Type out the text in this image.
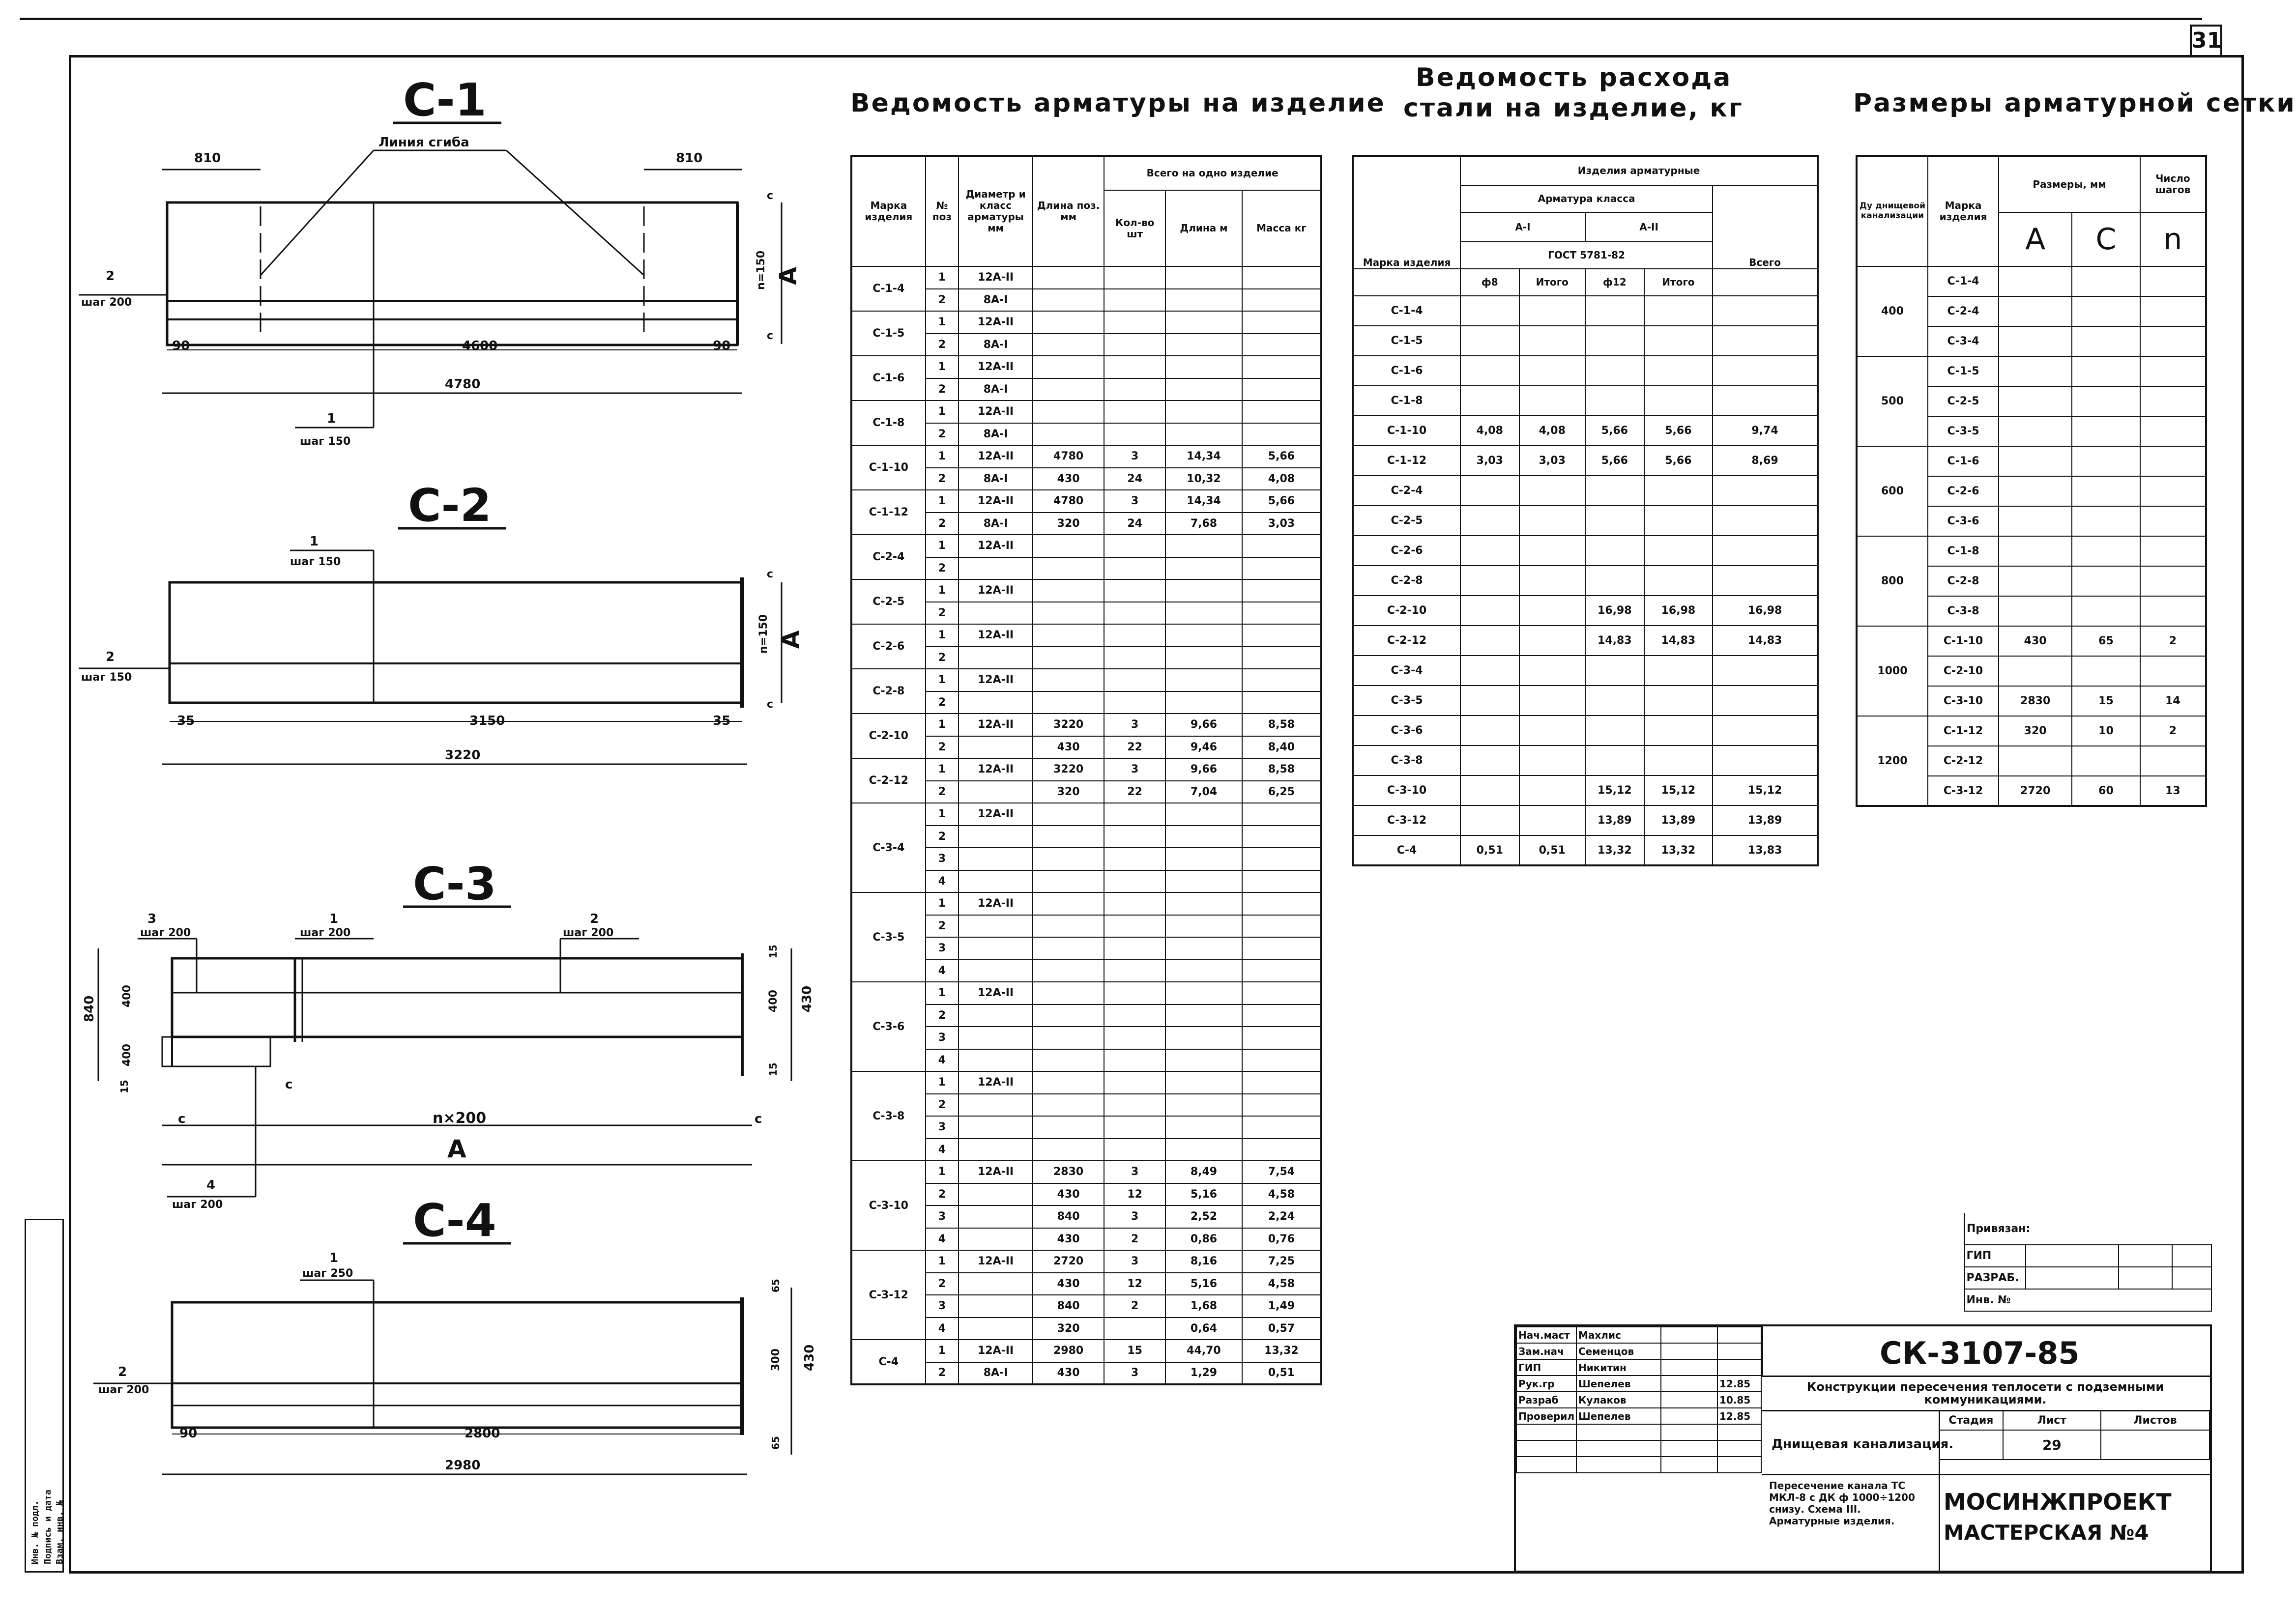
31
Инв. № подл. Подпись и дата Взам. инв. №
С-1
Линия сгиба
810	810
2
шаг 200
90	4600	90
4780
1
шаг 150
А
n=150
с
с
С-2
1
шаг 150
2
шаг 150
35	3150	35
3220
А
n=150
с
с
С-3
3
шаг 200
1
шаг 200
2
шаг 200
840 400
400
15
15
400 430
15
с
с
с
n×200
А
4
шаг 200	С-4
1
шаг 250
2
шаг 200
90	2800
2980
65
300 430
65
Ведомость арматуры на изделие
Марка изделия	№ поз	Диаметр и класс арматуры мм	Длина поз. мм	Всего на одно изделие		
				Кол-во шт	Длина м	Масса кг
С-1-4	1	12А-II				
	2	8А-I				
С-1-5	1	12А-II				
	2	8А-I				
С-1-6	1	12А-II				
	2	8А-I				
С-1-8	1	12А-II				
	2	8А-I				
С-1-10	1	12А-II	4780	3	14,34	5,66
	2	8А-I	430	24	10,32	4,08
С-1-12	1	12А-II	4780	3	14,34	5,66
	2	8А-I	320	24	7,68	3,03
С-2-4	1	12А-II				
	2					
С-2-5	1	12А-II				
	2					
С-2-6	1	12А-II				
	2					
С-2-8	1	12А-II				
	2					
С-2-10	1	12А-II	3220	3	9,66	8,58
	2		430	22	9,46	8,40
С-2-12	1	12А-II	3220	3	9,66	8,58
	2		320	22	7,04	6,25
С-3-4	1	12А-II				
	2					
	3					
	4					
С-3-5	1	12А-II				
	2					
	3					
	4					
С-3-6	1	12А-II				
	2					
	3					
	4					
С-3-8	1	12А-II				
	2					
	3					
	4					
С-3-10	1	12А-II	2830	3	8,49	7,54
	2		430	12	5,16	4,58
	3		840	3	2,52	2,24
	4		430	2	0,86	0,76
С-3-12	1	12А-II	2720	3	8,16	7,25
	2		430	12	5,16	4,58
	3		840	2	1,68	1,49
	4		320		0,64	0,57
С-4	1	12А-II	2980	15	44,70	13,32
	2	8А-I	430	3	1,29	0,51
Ведомость расхода
стали на изделие, кг
Марка изделия	Изделия арматурные				
	Арматура класса				Всего
	А-I		А-II		
	ГОСТ 5781-82				
	ф8	Итого	ф12	Итого	
С-1-4					
С-1-5					
С-1-6					
С-1-8					
С-1-10	4,08	4,08	5,66	5,66	9,74
С-1-12	3,03	3,03	5,66	5,66	8,69
С-2-4					
С-2-5					
С-2-6					
С-2-8					
С-2-10			16,98	16,98	16,98
С-2-12			14,83	14,83	14,83
С-3-4					
С-3-5					
С-3-6					
С-3-8					
С-3-10			15,12	15,12	15,12
С-3-12			13,89	13,89	13,89
С-4	0,51	0,51	13,32	13,32	13,83
Размеры арматурной сетки
Ду днищевой канализации	Марка изделия	Размеры, мм		Число шагов
		А	С	n
400	С-1-4			
	С-2-4			
	С-3-4			
500	С-1-5			
	С-2-5			
	С-3-5			
600	С-1-6			
	С-2-6			
	С-3-6			
800	С-1-8			
	С-2-8			
	С-3-8			
1000	С-1-10	430	65	2
	С-2-10			
	С-3-10	2830	15	14
1200	С-1-12	320	10	2
	С-2-12			
	С-3-12	2720	60	13
Привязан:			
ГИП			
РАЗРАБ.			
Инв. №			
Нач.маст	Махлис		
Зам.нач	Семенцов		
ГИП	Никитин		
Рук.гр	Шепелев		12.85
Разраб	Кулаков		10.85
Проверил	Шепелев		12.85

СК-3107-85
Конструкции пересечения теплосети с подземными коммуникациями.
Днищевая канализация.
Пересечение канала ТС МКЛ-8 с ДК ф 1000÷1200 снизу. Схема III. Арматурные изделия.
Стадия	Лист	Листов
	29	
МОСИНЖПРОЕКТ
МАСТЕРСКАЯ №4
